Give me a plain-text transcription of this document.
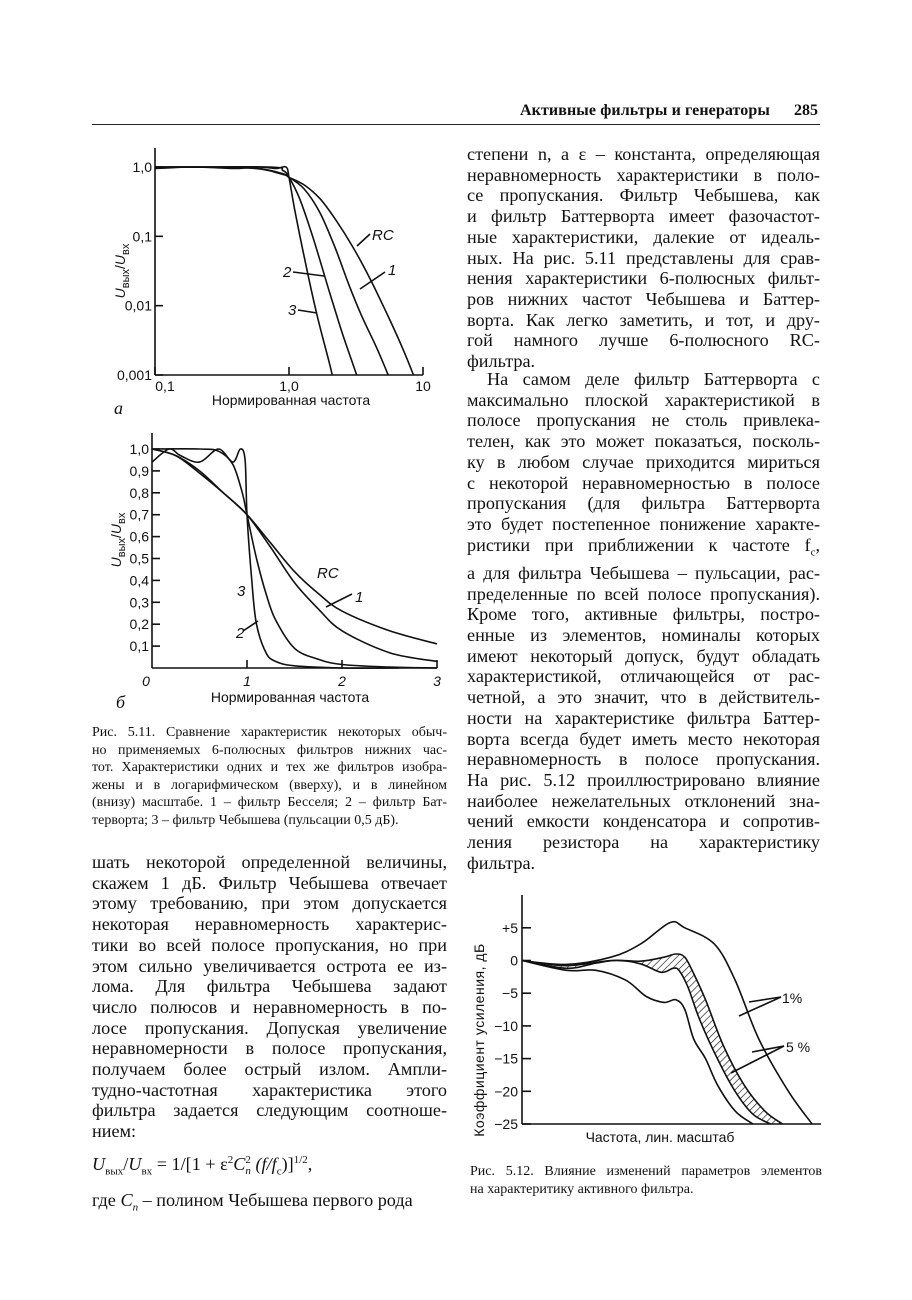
Активные фильтры и генераторы 285
0,001
0,01
0,1
1,0
0,1	1,0	10
Нормированная частота
$U_{вых}/U_{вх}$
а
RC
1
2
3
0,1
0,2
0,3
0,4
0,5
0,6
0,7
0,8
0,9
1,0
0	1	2	3
Нормированная частота
$U_{вых}/U_{вх}$
б
RC
1
2
3
+5
0
−5
−10
−15
−20
−25
Частота, лин. масштаб
Коэффициент усиления, дБ	1%
5 %
Рис. 5.11. Сравнение характеристик некоторых обыч-
но применяемых 6-полюсных фильтров нижних час-
тот. Характеристики одних и тех же фильтров изобра-
жены и в логарифмическом (вверху), и в линейном
(внизу) масштабе. 1 – фильтр Бесселя; 2 – фильтр Бат-
терворта; 3 – фильтр Чебышева (пульсации 0,5 дБ).
шать некоторой определенной величины,
скажем 1 дБ. Фильтр Чебышева отвечает
этому требованию, при этом допускается
некоторая неравномерность характерис-
тики во всей полосе пропускания, но при
этом сильно увеличивается острота ее из-
лома. Для фильтра Чебышева задают
число полюсов и неравномерность в по-
лосе пропускания. Допуская увеличение
неравномерности в полосе пропускания,
получаем более острый излом. Ампли-
тудно-частотная характеристика этого
фильтра задается следующим соотноше-
нием:
$U_{вых}/U_{вх} = 1/[1 + \varepsilon^2C$ 2
n $(f/f_c)]^{1/2}$,
где $C_n$ – полином Чебышева первого рода
степени n, а ε – константа, определяющая
неравномерность характеристики в поло-
се пропускания. Фильтр Чебышева, как
и фильтр Баттерворта имеет фазочастот-
ные характеристики, далекие от идеаль-
ных. На рис. 5.11 представлены для срав-
нения характеристики 6-полюсных фильт-
ров нижних частот Чебышева и Баттер-
ворта. Как легко заметить, и тот, и дру-
гой намного лучше 6-полюсного RC-
фильтра.
На самом деле фильтр Баттерворта с
максимально плоской характеристикой в
полосе пропускания не столь привлека-
телен, как это может показаться, посколь-
ку в любом случае приходится мириться
с некоторой неравномерностью в полосе
пропускания (для фильтра Баттерворта
это будет постепенное понижение характе-
ристики при приближении к частоте $f_c$,
а для фильтра Чебышева – пульсации, рас-
пределенные по всей полосе пропускания).
Кроме того, активные фильтры, постро-
енные из элементов, номиналы которых
имеют некоторый допуск, будут обладать
характеристикой, отличающейся от рас-
четной, а это значит, что в действитель-
ности на характеристике фильтра Баттер-
ворта всегда будет иметь место некоторая
неравномерность в полосе пропускания.
На рис. 5.12 проиллюстрировано влияние
наиболее нежелательных отклонений зна-
чений емкости конденсатора и сопротив-
ления резистора на характеристику
фильтра.
Рис. 5.12. Влияние изменений параметров элементов
на характеритику активного фильтра.
